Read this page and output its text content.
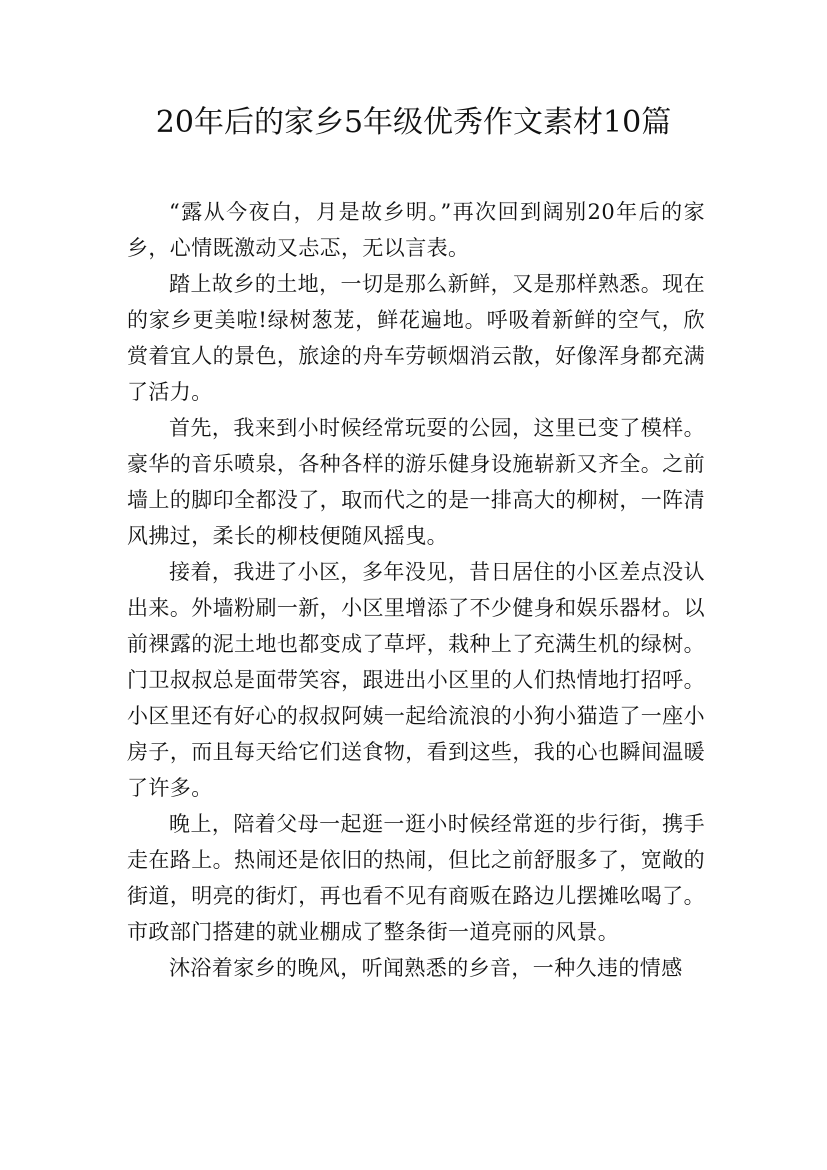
20年后的家乡5年级优秀作文素材10篇

“露从今夜白，月是故乡明。”再次回到阔别20年后的家乡，心情既激动又忐忑，无以言表。

踏上故乡的土地，一切是那么新鲜，又是那样熟悉。现在的家乡更美啦!绿树葱茏，鲜花遍地。呼吸着新鲜的空气，欣赏着宜人的景色，旅途的舟车劳顿烟消云散，好像浑身都充满了活力。

首先，我来到小时候经常玩耍的公园，这里已变了模样。豪华的音乐喷泉，各种各样的游乐健身设施崭新又齐全。之前墙上的脚印全都没了，取而代之的是一排高大的柳树，一阵清风拂过，柔长的柳枝便随风摇曳。

接着，我进了小区，多年没见，昔日居住的小区差点没认出来。外墙粉刷一新，小区里增添了不少健身和娱乐器材。以前裸露的泥土地也都变成了草坪，栽种上了充满生机的绿树。门卫叔叔总是面带笑容，跟进出小区里的人们热情地打招呼。小区里还有好心的叔叔阿姨一起给流浪的小狗小猫造了一座小房子，而且每天给它们送食物，看到这些，我的心也瞬间温暖了许多。

晚上，陪着父母一起逛一逛小时候经常逛的步行街，携手走在路上。热闹还是依旧的热闹，但比之前舒服多了，宽敞的街道，明亮的街灯，再也看不见有商贩在路边儿摆摊吆喝了。市政部门搭建的就业棚成了整条街一道亮丽的风景。

沐浴着家乡的晚风，听闻熟悉的乡音，一种久违的情感
